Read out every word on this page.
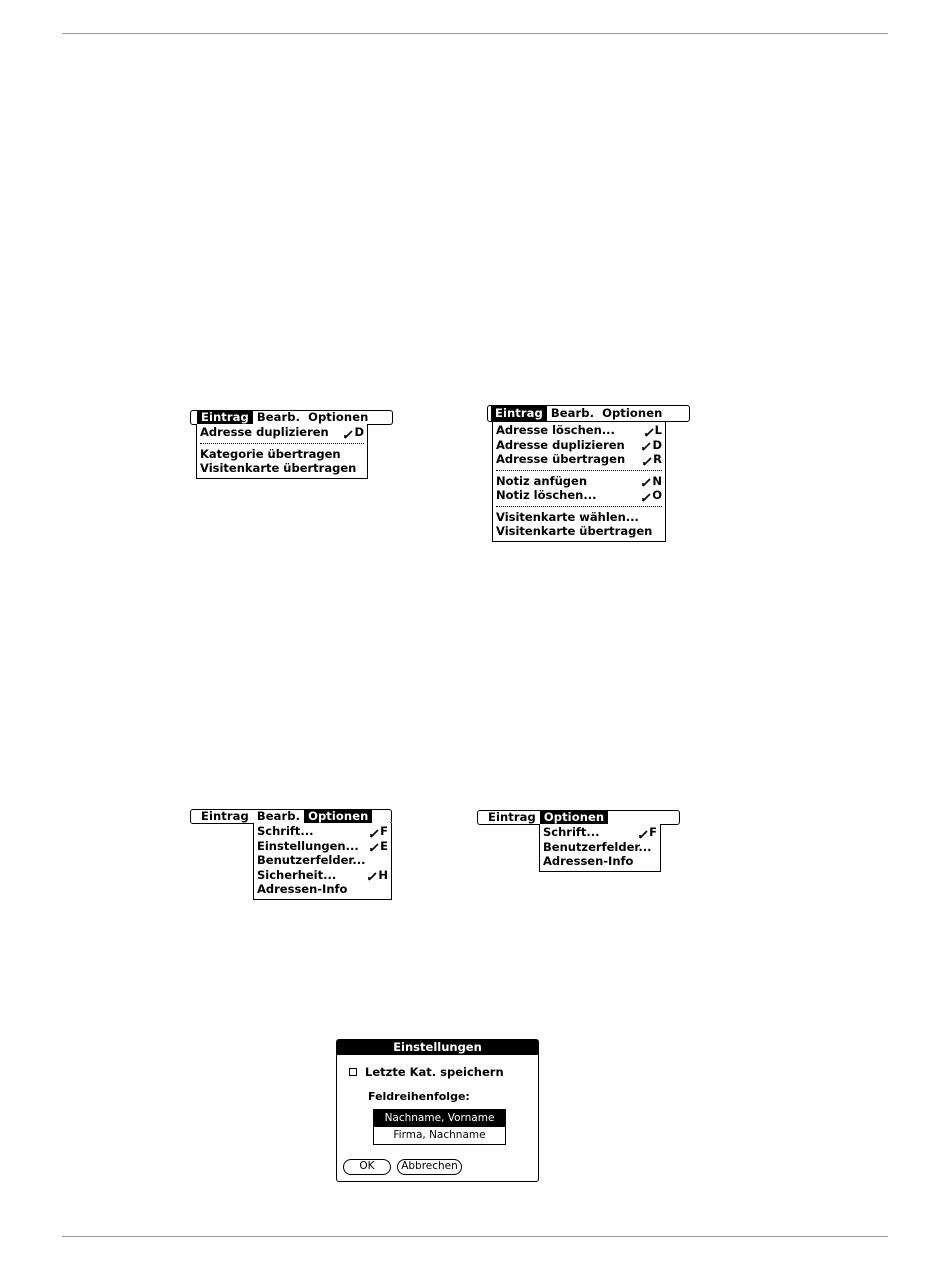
Eintrag Bearb. Optionen
Adresse duplizieren D
Kategorie übertragen
Visitenkarte übertragen
Eintrag Bearb. Optionen
Adresse löschen...	L
Adresse duplizieren D
Adresse übertragen R
Notiz anfügen	N
Notiz löschen...	O
Visitenkarte wählen...
Visitenkarte übertragen
Eintrag Bearb. Optionen
Schrift...	F
Einstellungen... E
Benutzerfelder...
Sicherheit...	H
Adressen-Info
Eintrag Optionen
Schrift...	F
Benutzerfelder...
Adressen-Info
Einstellungen
Letzte Kat. speichern
Feldreihenfolge:
Nachname, Vorname
Firma, Nachname
OK	Abbrechen
